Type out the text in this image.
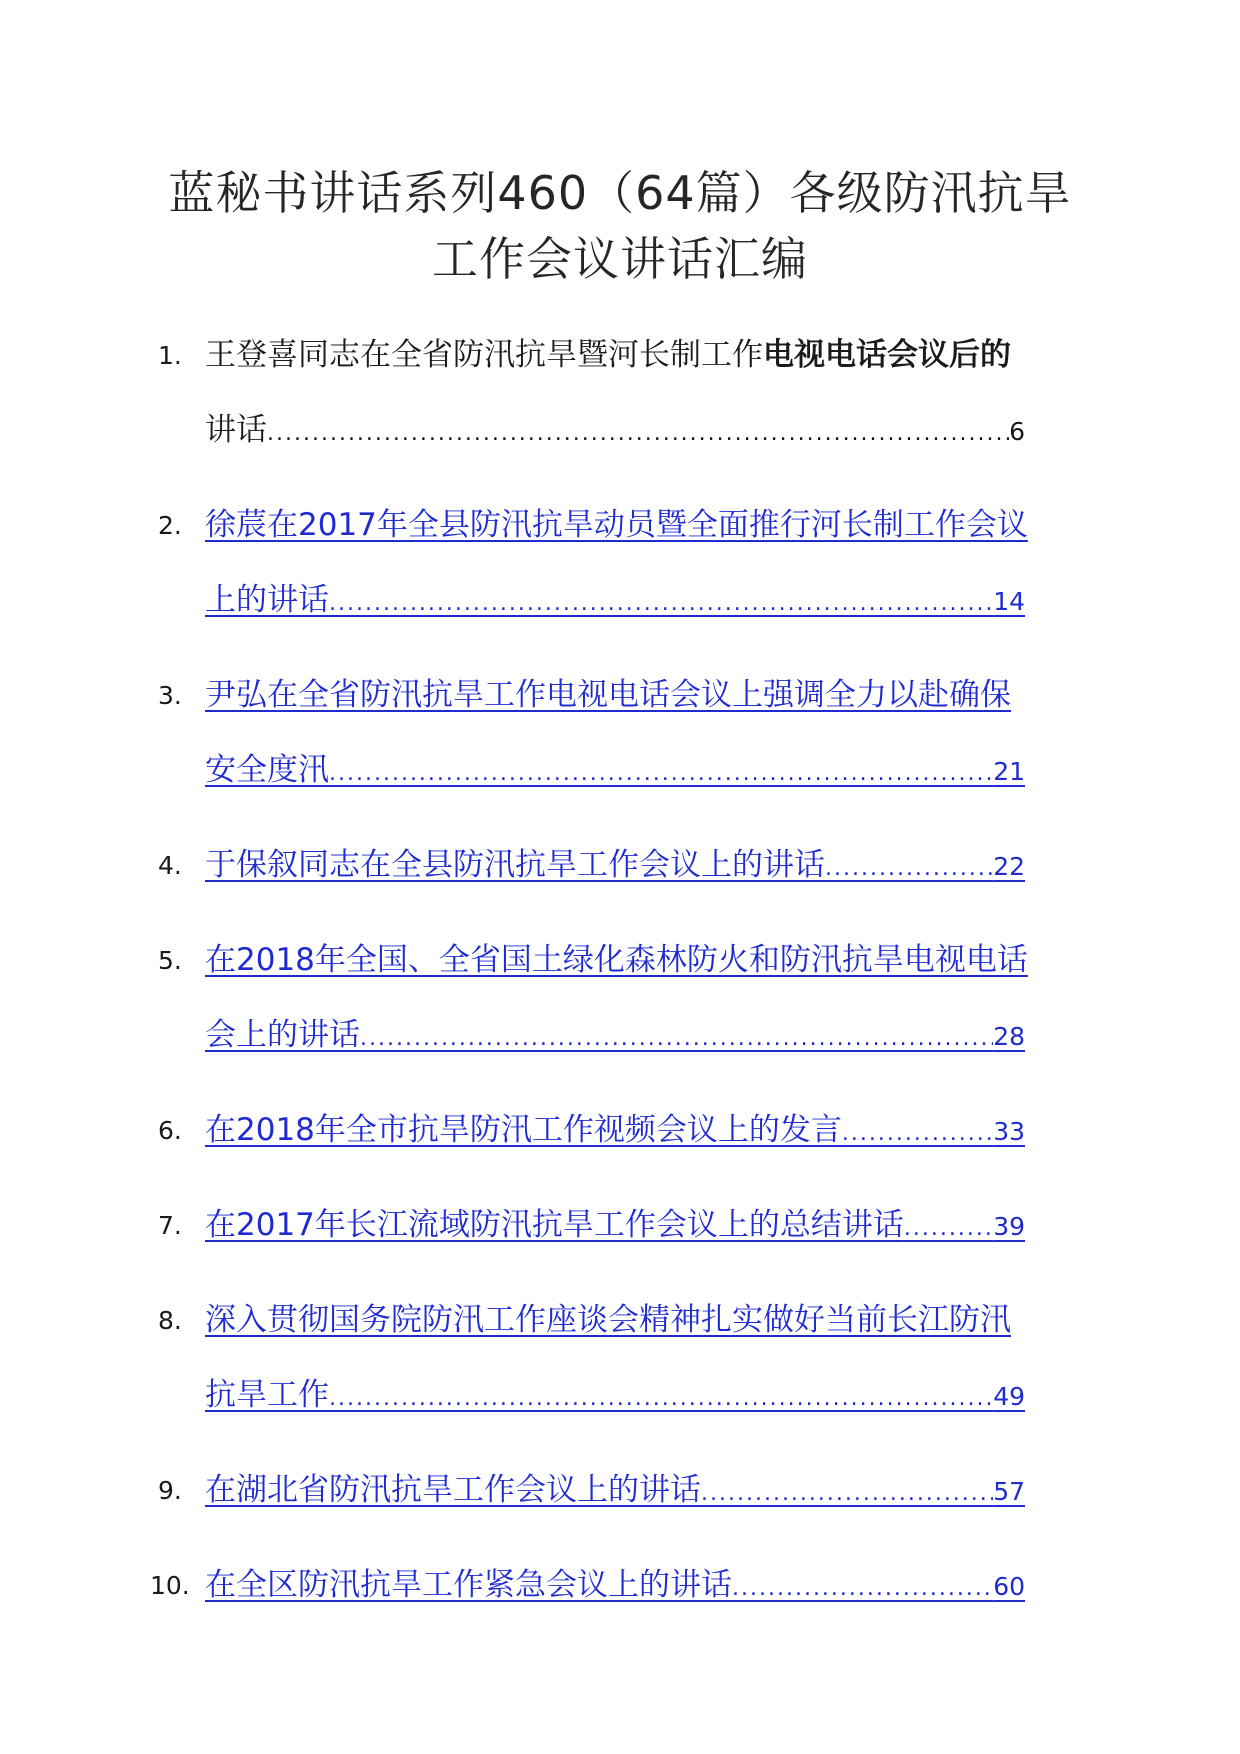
蓝秘书讲话系列460（64篇）各级防汛抗旱
工作会议讲话汇编
1. 王登喜同志在全省防汛抗旱暨河长制工作电视电话会议后的
讲话 .....	6
2. 徐莀在2017年全县防汛抗旱动员暨全面推行河长制工作会议
上的讲话 .....	14
3. 尹弘在全省防汛抗旱工作电视电话会议上强调全力以赴确保
安全度汛 .....	21
4. 于保叙同志在全县防汛抗旱工作会议上的讲话 .....	22
5. 在2018年全国、全省国土绿化森林防火和防汛抗旱电视电话
会上的讲话 .....	28
6. 在2018年全市抗旱防汛工作视频会议上的发言 .....	33
7. 在2017年长江流域防汛抗旱工作会议上的总结讲话 .....	39
8. 深入贯彻国务院防汛工作座谈会精神扎实做好当前长江防汛
抗旱工作 .....	49
9. 在湖北省防汛抗旱工作会议上的讲话 .....	57
10. 在全区防汛抗旱工作紧急会议上的讲话 .....	60
